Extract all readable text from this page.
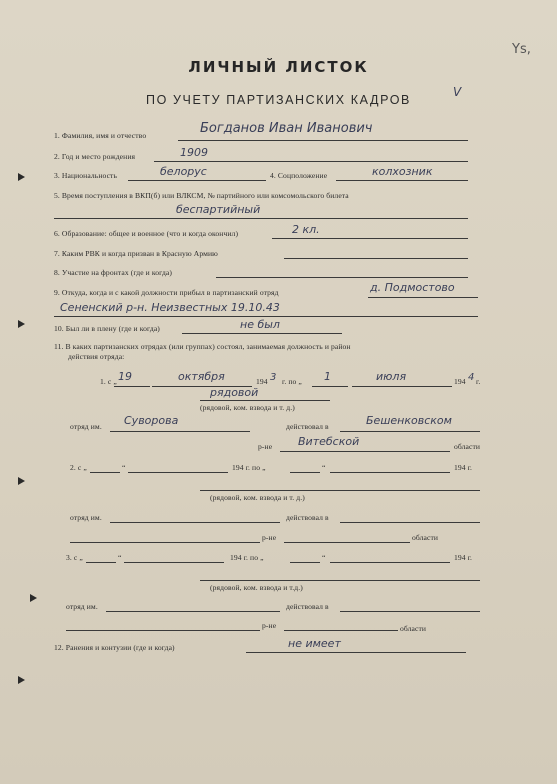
Ys,
ЛИЧНЫЙ ЛИСТОК
V
ПО УЧЕТУ ПАРТИЗАНСКИХ КАДРОВ
1. Фамилия, имя и отчество	Богданов Иван Иванович
2. Год и место рождения	1909
3. Национальность	белорус	4. Соцположение	колхозник
5. Время поступления в ВКП(б) или ВЛКСМ, № партийного или комсомольского билета
беспартийный
6. Образование: общее и военное (что и когда окончил)	2 кл.
7. Каким РВК и когда призван в Красную Армию
8. Участие на фронтах (где и когда)
9. Откуда, когда и с какой должности прибыл в партизанский отряд	д. Подмостово
Сененский р-н. Неизвестных 19.10.43
10. Был ли в плену (где и когда)	не был
11. В каких партизанских отрядах (или группах) состоял, занимаемая должность и район
действия отряда:
1. с „ 19	октября	194 3 г. по „ 1	июля	194 4 г.
рядовой
(рядовой, ком. взвода и т. д.)
отряд им. Суворова	действовал в	Бешенковском
р-не Витебской	области
2. с „	“	194 г. по „	“	194 г.
(рядовой, ком. взвода и т. д.)
отряд им.	действовал в
р-не	области
3. с „	“	194 г. по „	“	194 г.
(рядовой, ком. взвода и т.д.)
отряд им.	действовал в
р-не	области
12. Ранения и контузии (где и когда)	не имеет
